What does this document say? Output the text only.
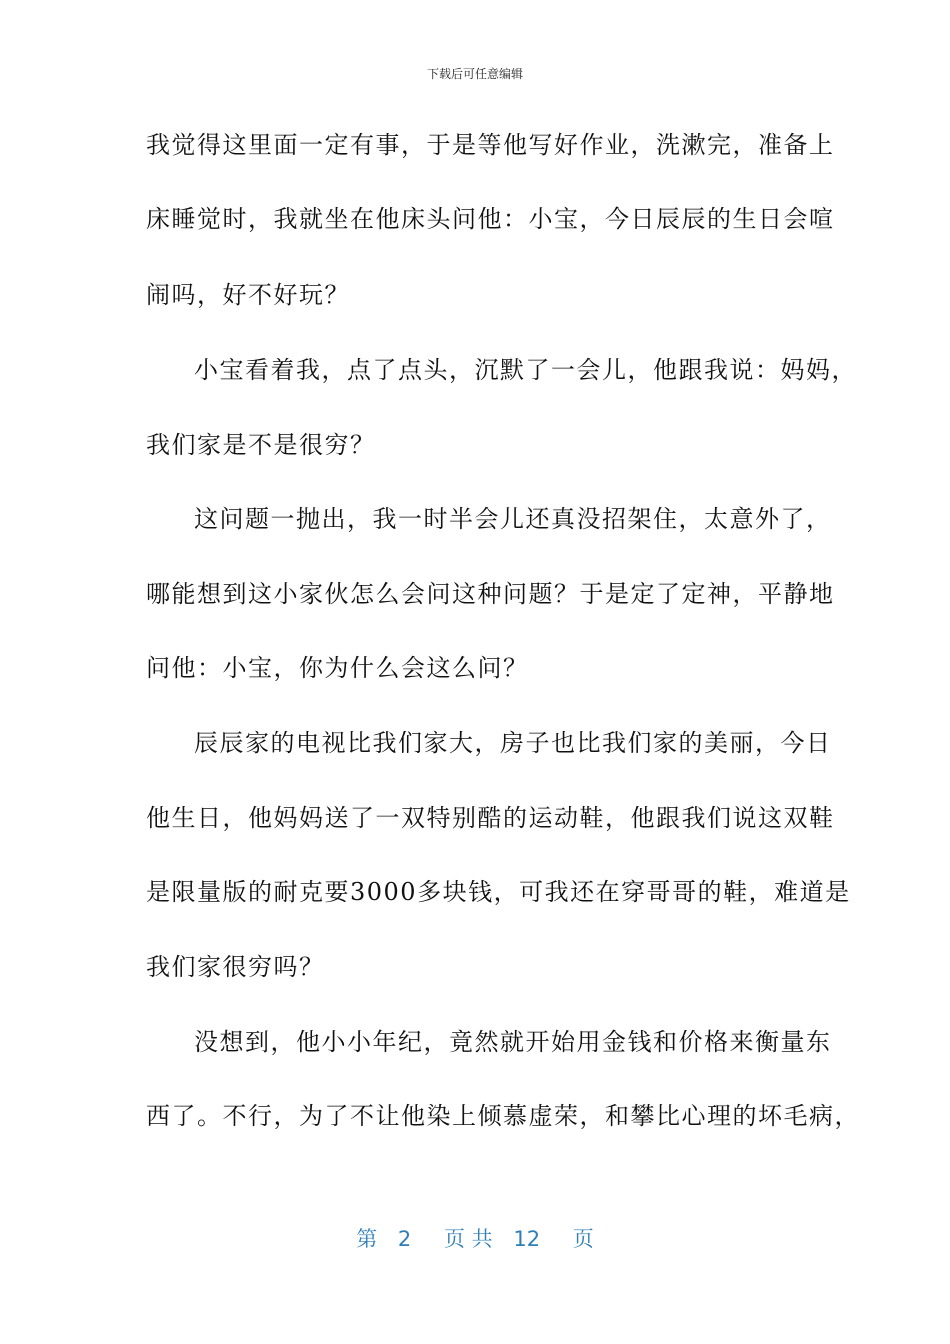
下载后可任意编辑
我觉得这里面一定有事，于是等他写好作业，洗漱完，准备上
床睡觉时，我就坐在他床头问他：小宝，今日辰辰的生日会喧
闹吗，好不好玩？
小宝看着我，点了点头，沉默了一会儿，他跟我说：妈妈，
我们家是不是很穷？
这问题一抛出，我一时半会儿还真没招架住，太意外了，
哪能想到这小家伙怎么会问这种问题？于是定了定神，平静地
问他：小宝，你为什么会这么问？
辰辰家的电视比我们家大，房子也比我们家的美丽，今日
他生日，他妈妈送了一双特别酷的运动鞋，他跟我们说这双鞋
是限量版的耐克要3000多块钱，可我还在穿哥哥的鞋，难道是
我们家很穷吗？
没想到，他小小年纪，竟然就开始用金钱和价格来衡量东
西了。不行，为了不让他染上倾慕虚荣，和攀比心理的坏毛病，
第 2 页 共 12 页
